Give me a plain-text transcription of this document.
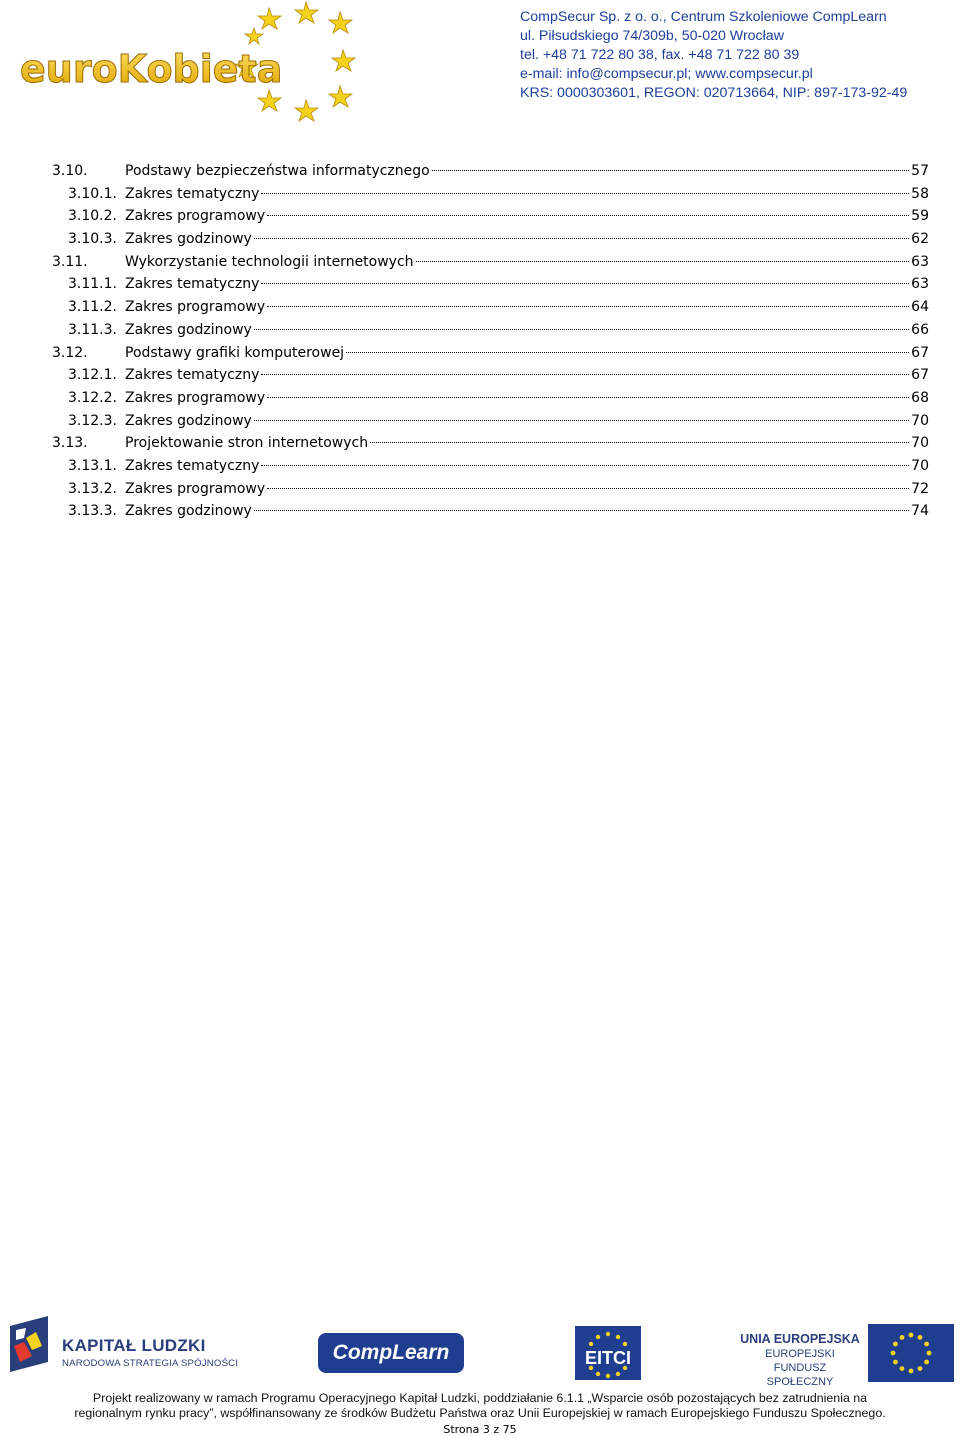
euroKobieta
CompSecur Sp. z o. o., Centrum Szkoleniowe CompLearn
ul. Piłsudskiego 74/309b, 50-020 Wrocław
tel. +48 71 722 80 38, fax. +48 71 722 80 39
e-mail: info@compsecur.pl; www.compsecur.pl
KRS: 0000303601, REGON: 020713664, NIP: 897-173-92-49
3.10.	Podstawy bezpieczeństwa informatycznego	57
3.10.1. Zakres tematyczny	58
3.10.2. Zakres programowy	59
3.10.3. Zakres godzinowy	62
3.11.	Wykorzystanie technologii internetowych	63
3.11.1. Zakres tematyczny	63
3.11.2. Zakres programowy	64
3.11.3. Zakres godzinowy	66
3.12.	Podstawy grafiki komputerowej	67
3.12.1. Zakres tematyczny	67
3.12.2. Zakres programowy	68
3.12.3. Zakres godzinowy	70
3.13.	Projektowanie stron internetowych	70
3.13.1. Zakres tematyczny	70
3.13.2. Zakres programowy	72
3.13.3. Zakres godzinowy	74
KAPITAŁ LUDZKI
NARODOWA STRATEGIA SPÓJNOŚCI	CompLearn	EITCI
UNIA EUROPEJSKA
EUROPEJSKI
FUNDUSZ SPOŁECZNY
Projekt realizowany w ramach Programu Operacyjnego Kapitał Ludzki, poddziałanie 6.1.1 „Wsparcie osób pozostających bez zatrudnienia na
regionalnym rynku pracy”, współfinansowany ze środków Budżetu Państwa oraz Unii Europejskiej w ramach Europejskiego Funduszu Społecznego.
Strona 3 z 75
